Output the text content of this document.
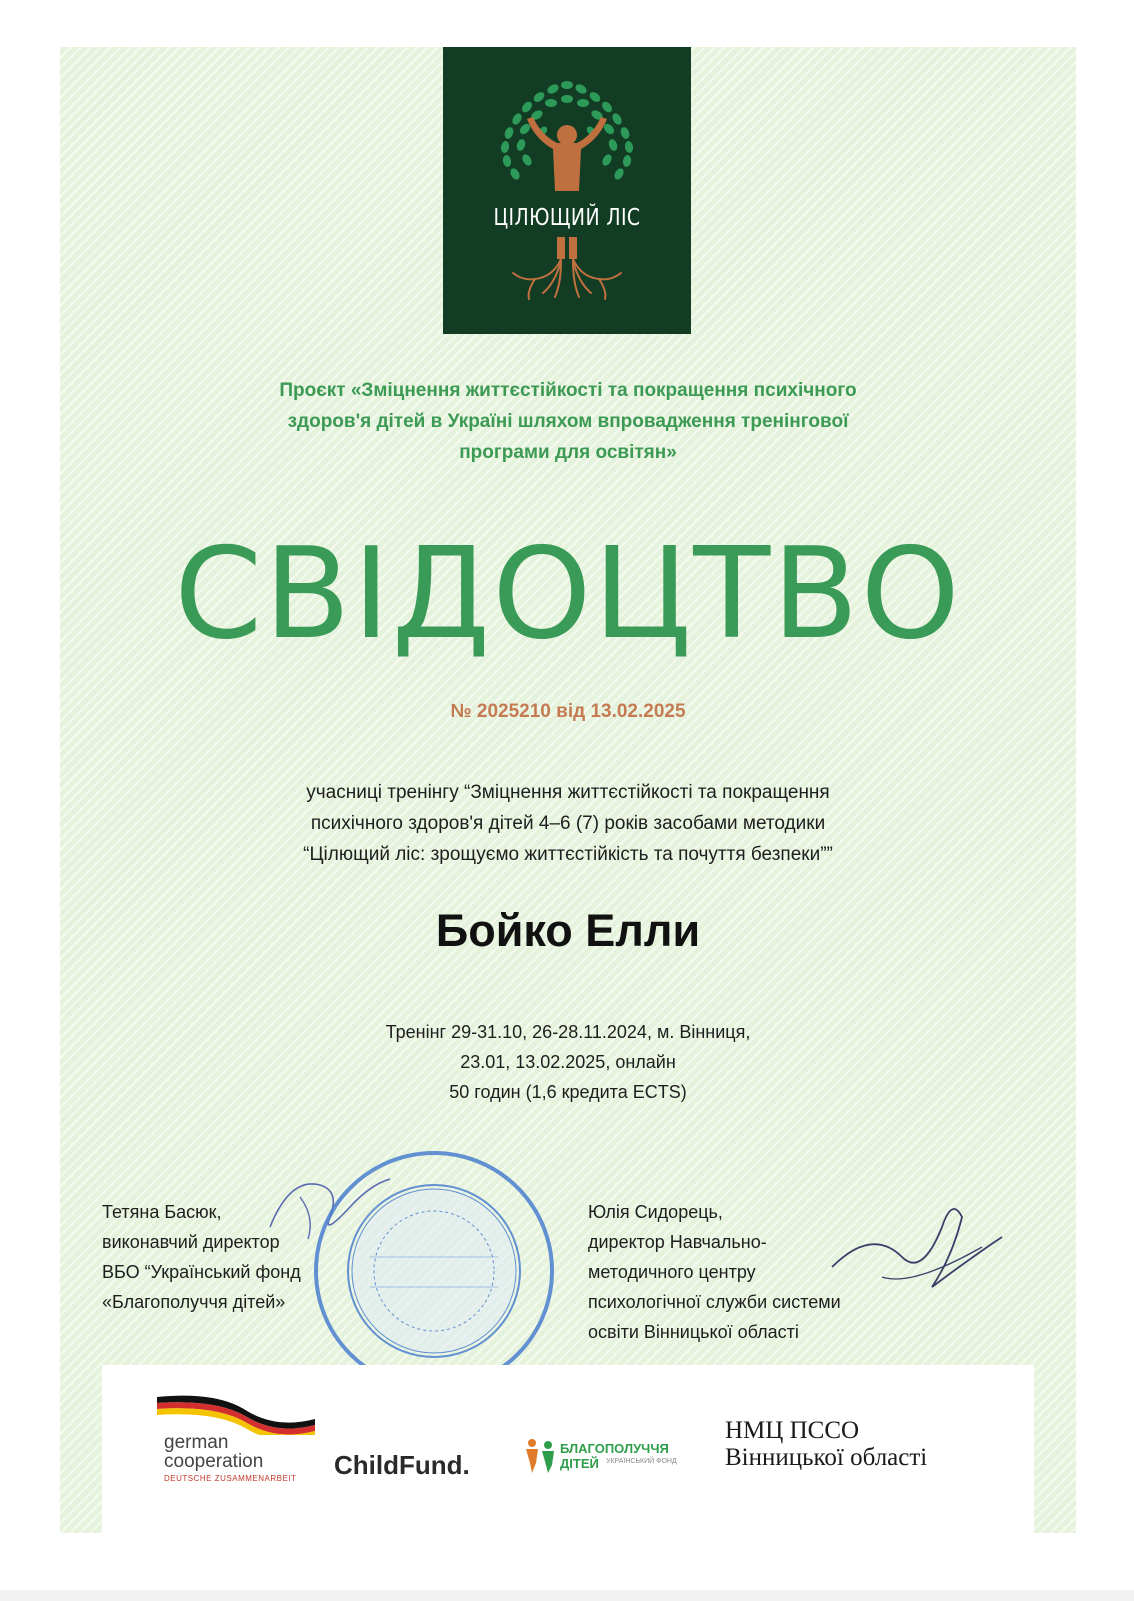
ЦІЛЮЩИЙ ЛІС
Проєкт «Зміцнення життєстійкості та покращення психічного
здоров'я дітей в Україні шляхом впровадження тренінгової
програми для освітян»
СВІДОЦТВО
№ 2025210 від 13.02.2025
учасниці тренінгу “Зміцнення життєстійкості та покращення
психічного здоров'я дітей 4–6 (7) років засобами методики
“Цілющий ліс: зрощуємо життєстійкість та почуття безпеки””
Бойко Елли
Тренінг 29-31.10, 26-28.11.2024, м. Вінниця,
23.01, 13.02.2025, онлайн
50 годин (1,6 кредита ECTS)
Тетяна Басюк,
виконавчий директор
ВБО “Український фонд
«Благополуччя дітей»
Юлія Сидорець,
директор Навчально-
методичного центру
психологічної служби системи
освіти Вінницької області
german
cooperation
DEUTSCHE ZUSAMMENARBEIT ChildFund.
БЛАГОПОЛУЧЧЯ
ДІТЕЙ	УКРАЇНСЬКИЙ ФОНД
НМЦ ПССО
Вінницької області
